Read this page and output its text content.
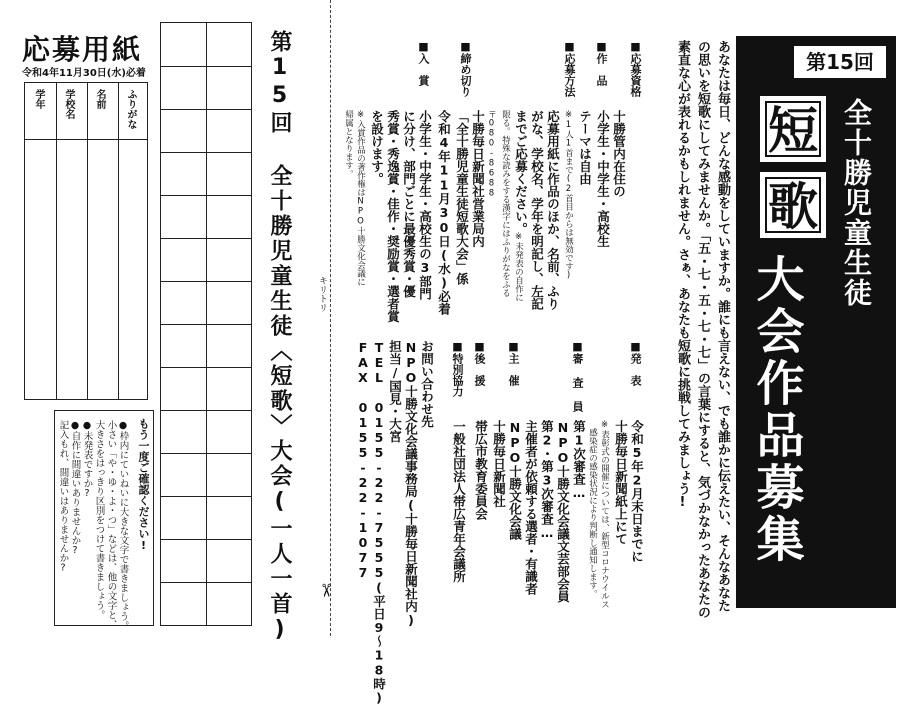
応募用紙
令和4年11月30日(水)必着
ふりがな
名前
学校名
学年	第15回 全十勝児童生徒〈短歌〉大会(一人一首)
もう一度ご確認ください!
●枠内にていねいに大きな文字で書きましょう。
小さい「や・ゆ・よ・つ」などは、他の文字と、
大きさをはっきり区別をつけて書きましょう。
●未発表ですか?
●自作に間違いありませんか?
記入もれ、間違いはありませんか?
キリトリ
✂
第15回
全十勝児童生徒
短
歌
大会作品募集
あなたは毎日、どんな感動をしていますか。誰にも言えない、でも誰かに伝えたい、そんなあなたの思いを短歌にしてみませんか。「五・七・五・七・七」の言葉にすると、気づかなかったあなたの素直な心が表れるかもしれません。さぁ、あなたも短歌に挑戦してみましょう!
■応募資格
十勝管内在住の
小学生・中学生・高校生
■作　品
テーマは自由
※1人1首まで(2首目からは無効です)
■応募方法
応募用紙に作品のほか、名前、ふり
がな、学校名、学年を明記し、左記
までご応募ください。
※未発表の自作に
限る。特殊な読みをする漢字にはふりがなをふる
〒080-8688
十勝毎日新聞社営業局内
「全十勝児童生徒短歌大会」係
■締め切り
令和4年11月30日(水)必着
■入　賞
小学生・中学生・高校生の3部門
に分け、部門ごとに最優秀賞・優
秀賞・秀逸賞・佳作・奨励賞・選者賞
を設けます。
※入賞作品の著作権はNPO十勝文化会議に
帰属となります。
■発　表
令和5年2月末日までに
十勝毎日新聞紙上にて
※表彰式の開催については、新型コロナウイルス
感染症の感染状況により判断し通知します。
■審 査 員
第1次審査…
NPO十勝文化会議文芸部会員
第2・第3次審査…
主催者が依頼する選者・有識者
■主　催
NPO十勝文化会議
十勝毎日新聞社
■後　援
帯広市教育委員会
■特別協力
一般社団法人帯広青年会議所
お問い合わせ先
NPO十勝文化会議事務局(十勝毎日新聞社内)
担当/国見・大宮
TEL 0155-22-7555(平日9〜18時)
FAX 0155-22-1077
